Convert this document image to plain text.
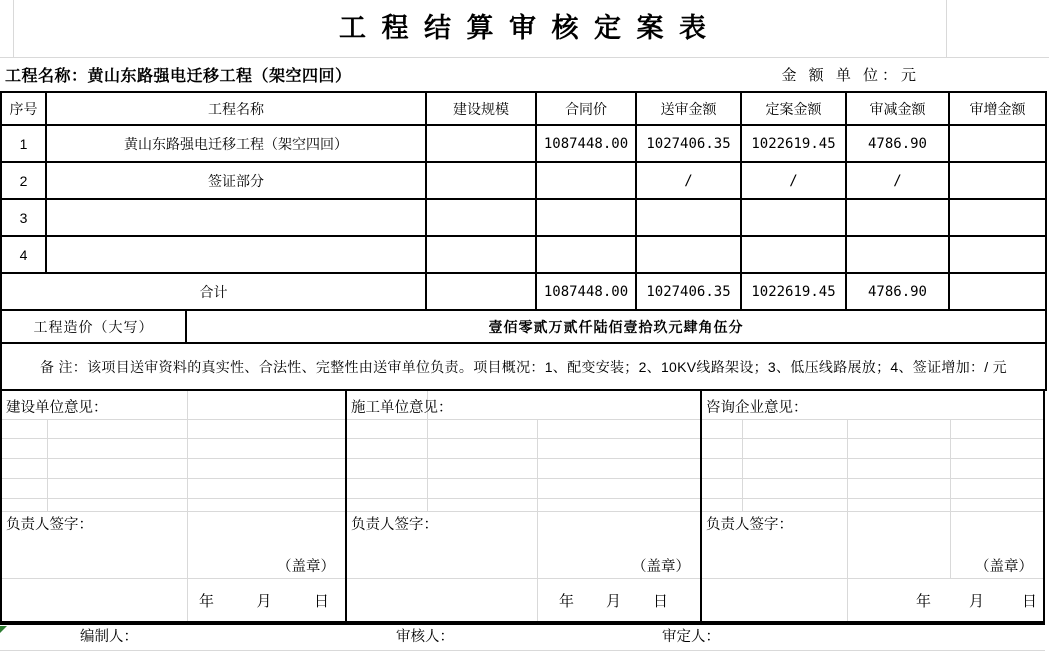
工 程 结 算 审 核 定 案 表
工程名称：黄山东路强电迁移工程（架空四回）	金 额 单 位：元
序号	工程名称		建设规模	合同价	送审金额	定案金额	审减金额	审增金额
1	黄山东路强电迁移工程（架空四回）			1087448.00	1027406.35	1022619.45	4786.90	
2	签证部分				/	/	/	
3								
4								
合计				1087448.00	1027406.35	1022619.45	4786.90	
工程造价（大写）		壹佰零贰万贰仟陆佰壹拾玖元肆角伍分						
备 注：该项目送审资料的真实性、合法性、完整性由送审单位负责。项目概况：1、配变安装；2、10KV线路架设；3、低压线路展放；4、签证增加：/ 元								
建设单位意见：
负责人签字：
（盖章）
年	月	日
施工单位意见：
负责人签字：
（盖章）
年 月 日
咨询企业意见：
负责人签字：
（盖章）
年	月	日
编制人：	审核人：	审定人：
